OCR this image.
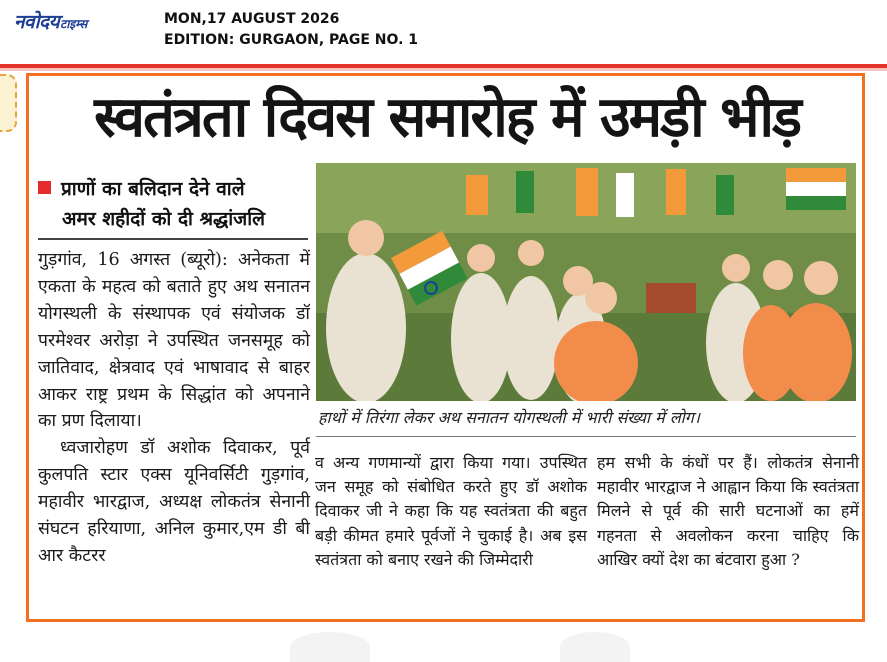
नवोदय टाइम्स	MON,17 AUGUST 2026
EDITION: GURGAON, PAGE NO. 1
स्वतंत्रता दिवस समारोह में उमड़ी भीड़
प्राणों का बलिदान देने वाले
अमर शहीदों को दी श्रद्धांजलि

गुड़गांव, 16 अगस्त (ब्यूरो): अनेकता में एकता के महत्व को बताते हुए अथ सनातन योगस्थली के संस्थापक एवं संयोजक डॉ परमेश्वर अरोड़ा ने उपस्थित जनसमूह को जातिवाद, क्षेत्रवाद एवं भाषावाद से बाहर आकर राष्ट्र प्रथम के सिद्धांत को अपनाने का प्रण दिलाया।

ध्वजारोहण डॉ अशोक दिवाकर, पूर्व कुलपति स्टार एक्स यूनिवर्सिटी गुड़गांव, महावीर भारद्वाज, अध्यक्ष लोकतंत्र सेनानी संघटन हरियाणा, अनिल कुमार,एम डी बी आर कैटरर

हाथों में तिरंगा लेकर अथ सनातन योगस्थली में भारी संख्या में लोग।

व अन्य गणमान्यों द्वारा किया गया। उपस्थित जन समूह को संबोधित करते हुए डॉ अशोक दिवाकर जी ने कहा कि यह स्वतंत्रता की बहुत बड़ी कीमत हमारे पूर्वजों ने चुकाई है। अब इस स्वतंत्रता को बनाए रखने की जिम्मेदारी

हम सभी के कंधों पर हैं। लोकतंत्र सेनानी महावीर भारद्वाज ने आह्वान किया कि स्वतंत्रता मिलने से पूर्व की सारी घटनाओं का हमें गहनता से अवलोकन करना चाहिए कि आखिर क्यों देश का बंटवारा हुआ ?
